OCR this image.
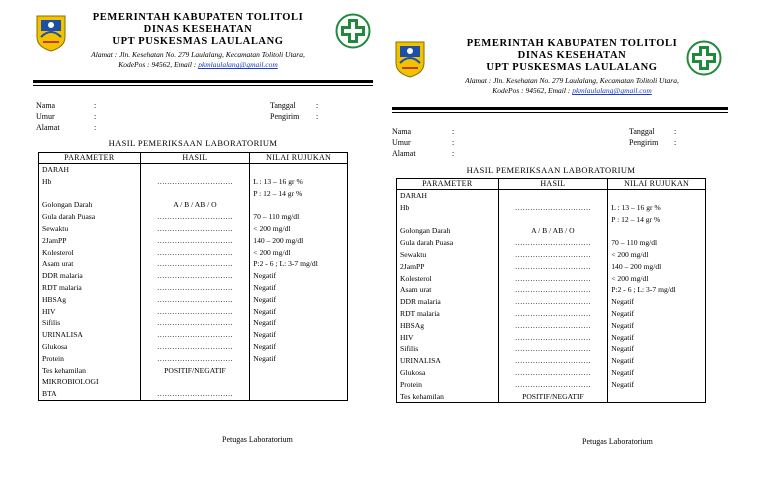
PEMERINTAH KABUPATEN TOLITOLI
DINAS KESEHATAN
UPT PUSKESMAS LAULALANG
Alamat : Jln. Kesehatan No. 279 Laulalang, Kecamatan Tolitoli Utara,
KodePos : 94562, Email : pkmlaulalang@gmail.com
Nama	:	Tanggal	:
Umur	:	Pengirim :
Alamat	:
HASIL PEMERIKSAAN LABORATORIUM
PARAMETER	HASIL	NILAI RUJUKAN
DARAH		
Hb	…………………………	L : 13 – 16 gr %
		P : 12 – 14 gr %
Golongan Darah	A / B / AB / O	
Gula darah Puasa	…………………………	70 – 110 mg/dl
Sewaktu	…………………………	< 200 mg/dl
2JamPP	…………………………	140 – 200 mg/dl
Kolesterol	…………………………	< 200 mg/dl
Asam urat	…………………………	P:2 - 6 ; L: 3-7 mg/dl
DDR malaria	…………………………	Negatif
RDT malaria	…………………………	Negatif
HBSAg	…………………………	Negatif
HIV	…………………………	Negatif
Sifilis	…………………………	Negatif
URINALISA	…………………………	Negatif
Glukosa	…………………………	Negatif
Protein	…………………………	Negatif
Tes kehamilan	POSITIF/NEGATIF	
MIKROBIOLOGI		
BTA	…………………………	
Petugas Laboratorium
PEMERINTAH KABUPATEN TOLITOLI
DINAS KESEHATAN
UPT PUSKESMAS LAULALANG
Alamat : Jln. Kesehatan No. 279 Laulalang, Kecamatan Tolitoli Utara,
KodePos : 94562, Email : pkmlaulalang@gmail.com
Nama	:	Tanggal :
Umur	:	Pengirim :
Alamat	:
HASIL PEMERIKSAAN LABORATORIUM
PARAMETER	HASIL	NILAI RUJUKAN
DARAH		
Hb	…………………………	L : 13 – 16 gr %
		P : 12 – 14 gr %
Golongan Darah	A / B / AB / O	
Gula darah Puasa	…………………………	70 – 110 mg/dl
Sewaktu	…………………………	< 200 mg/dl
2JamPP	…………………………	140 – 200 mg/dl
Kolesterol	…………………………	< 200 mg/dl
Asam urat	…………………………	P:2 - 6 ; L: 3-7 mg/dl
DDR malaria	…………………………	Negatif
RDT malaria	…………………………	Negatif
HBSAg	…………………………	Negatif
HIV	…………………………	Negatif
Sifilis	…………………………	Negatif
URINALISA	…………………………	Negatif
Glukosa	…………………………	Negatif
Protein	…………………………	Negatif
Tes kehamilan	POSITIF/NEGATIF	
Petugas Laboratorium
